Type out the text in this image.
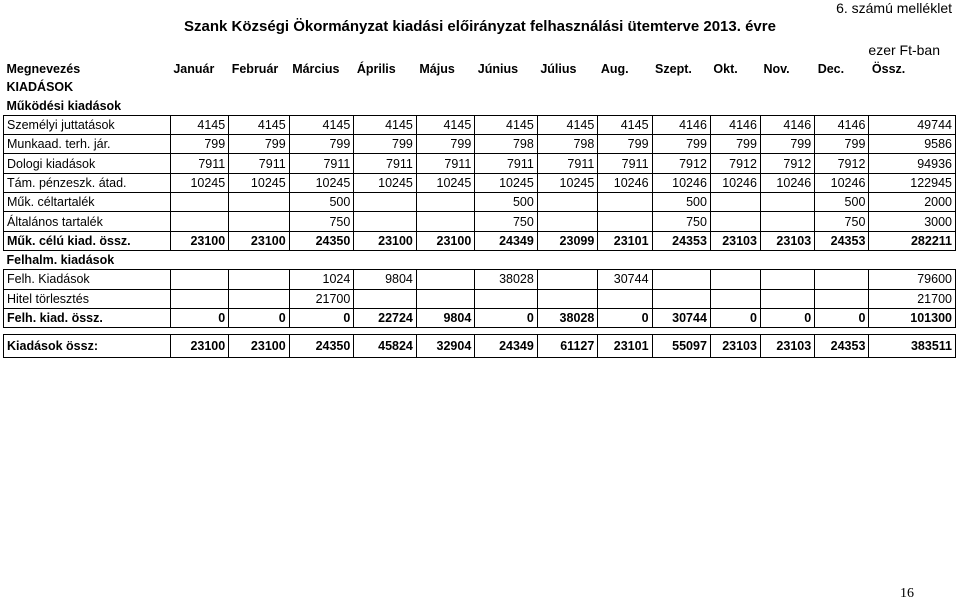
6. számú melléklet
Szank Községi Ökormányzat kiadási előirányzat felhasználási ütemterve 2013. évre
ezer Ft-ban
Megnevezés	Január	Február	Március	Április	Május	Június	Július	Aug.	Szept.	Okt.	Nov.	Dec.	Össz.
KIADÁSOK													
Működési kiadások													
Személyi juttatások	4145	4145	4145	4145	4145	4145	4145	4145	4146	4146	4146	4146	49744
Munkaad. terh. jár.	799	799	799	799	799	798	798	799	799	799	799	799	9586
Dologi kiadások	7911	7911	7911	7911	7911	7911	7911	7911	7912	7912	7912	7912	94936
Tám. pénzeszk. átad.	10245	10245	10245	10245	10245	10245	10245	10246	10246	10246	10246	10246	122945
Műk. céltartalék			500			500			500			500	2000
Általános tartalék			750			750			750			750	3000
Műk. célú kiad. össz.	23100	23100	24350	23100	23100	24349	23099	23101	24353	23103	23103	24353	282211
Felhalm. kiadások													
Felh. Kiadások			1024	9804		38028		30744					79600
Hitel törlesztés			21700										21700
Felh. kiad. össz.	0	0	0	22724	9804	0	38028	0	30744	0	0	0	101300

Kiadások össz:	23100	23100	24350	45824	32904	24349	61127	23101	55097	23103	23103	24353	383511
16
